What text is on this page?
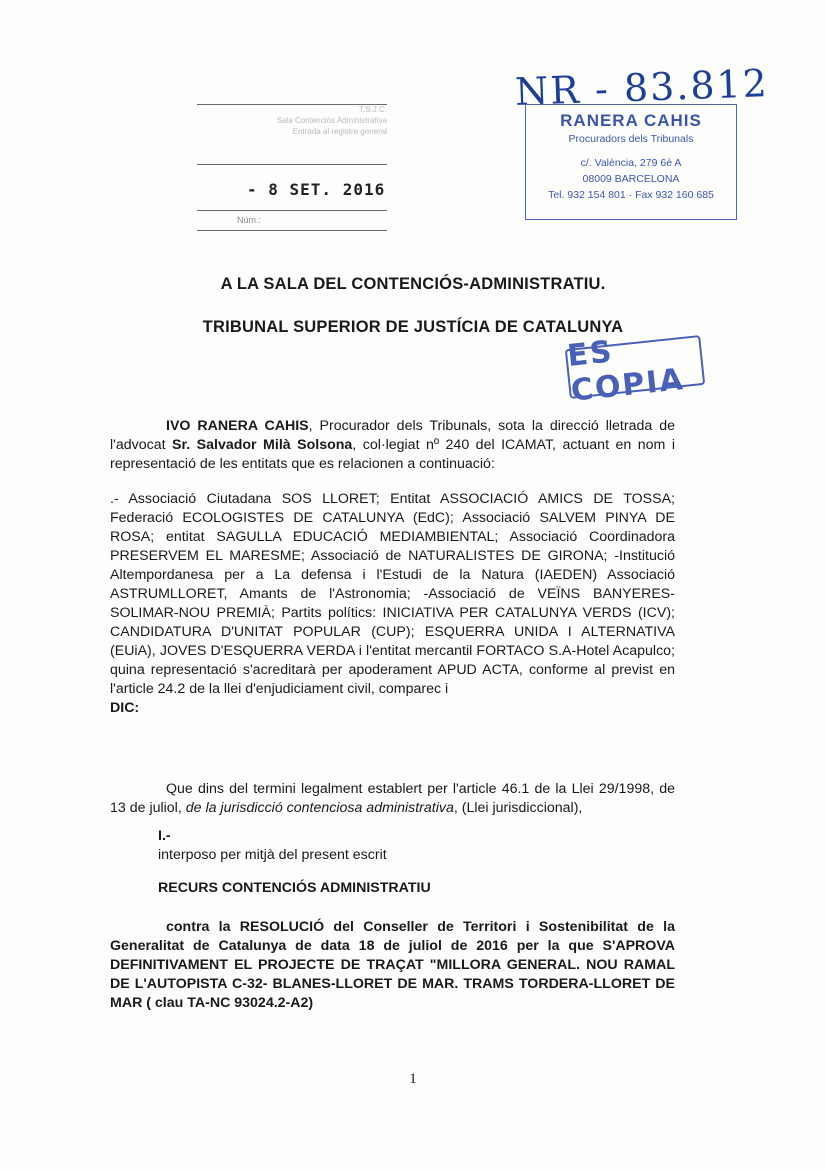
T.S.J.C.
Sala Contenciós Administrativa
Entrada al registre general
- 8 SET. 2016
Núm.:
NR - 83.812
RANERA CAHIS
Procuradors dels Tribunals
c/. València, 279 6è A
08009 BARCELONA
Tel. 932 154 801 · Fax 932 160 685
A LA SALA DEL CONTENCIÓS-ADMINISTRATIU.
TRIBUNAL SUPERIOR DE JUSTÍCIA DE CATALUNYA
ES COPIA
IVO RANERA CAHIS, Procurador dels Tribunals, sota la direcció lletrada de l'advocat Sr. Salvador Milà Solsona, col·legiat nº 240 del ICAMAT, actuant en nom i representació de les entitats que es relacionen a continuació:
.- Associació Ciutadana SOS LLORET; Entitat ASSOCIACIÓ AMICS DE TOSSA; Federació ECOLOGISTES DE CATALUNYA (EdC); Associació SALVEM PINYA DE ROSA; entitat SAGULLA EDUCACIÓ MEDIAMBIENTAL; Associació Coordinadora PRESERVEM EL MARESME; Associació de NATURALISTES DE GIRONA; -Institució Altempordanesa per a La defensa i l'Estudi de la Natura (IAEDEN) Associació ASTRUMLLORET, Amants de l'Astronomia; -Associació de VEÏNS BANYERES-SOLIMAR-NOU PREMIÀ; Partits polítics: INICIATIVA PER CATALUNYA VERDS (ICV); CANDIDATURA D'UNITAT POPULAR (CUP); ESQUERRA UNIDA I ALTERNATIVA (EUiA), JOVES D'ESQUERRA VERDA i l'entitat mercantil FORTACO S.A-Hotel Acapulco; quina representació s'acreditarà per apoderament APUD ACTA, conforme al previst en l'article 24.2 de la llei d'enjudiciament civil, comparec i
DIC:
Que dins del termini legalment establert per l'article 46.1 de la Llei 29/1998, de 13 de juliol, de la jurisdicció contenciosa administrativa, (Llei jurisdiccional),
I.-
interposo per mitjà del present escrit
RECURS CONTENCIÓS ADMINISTRATIU
contra la RESOLUCIÓ del Conseller de Territori i Sostenibilitat de la Generalitat de Catalunya de data 18 de juliol de 2016 per la que S'APROVA DEFINITIVAMENT EL PROJECTE DE TRAÇAT "MILLORA GENERAL. NOU RAMAL DE L'AUTOPISTA C-32- BLANES-LLORET DE MAR. TRAMS TORDERA-LLORET DE MAR ( clau TA-NC 93024.2-A2)
1
